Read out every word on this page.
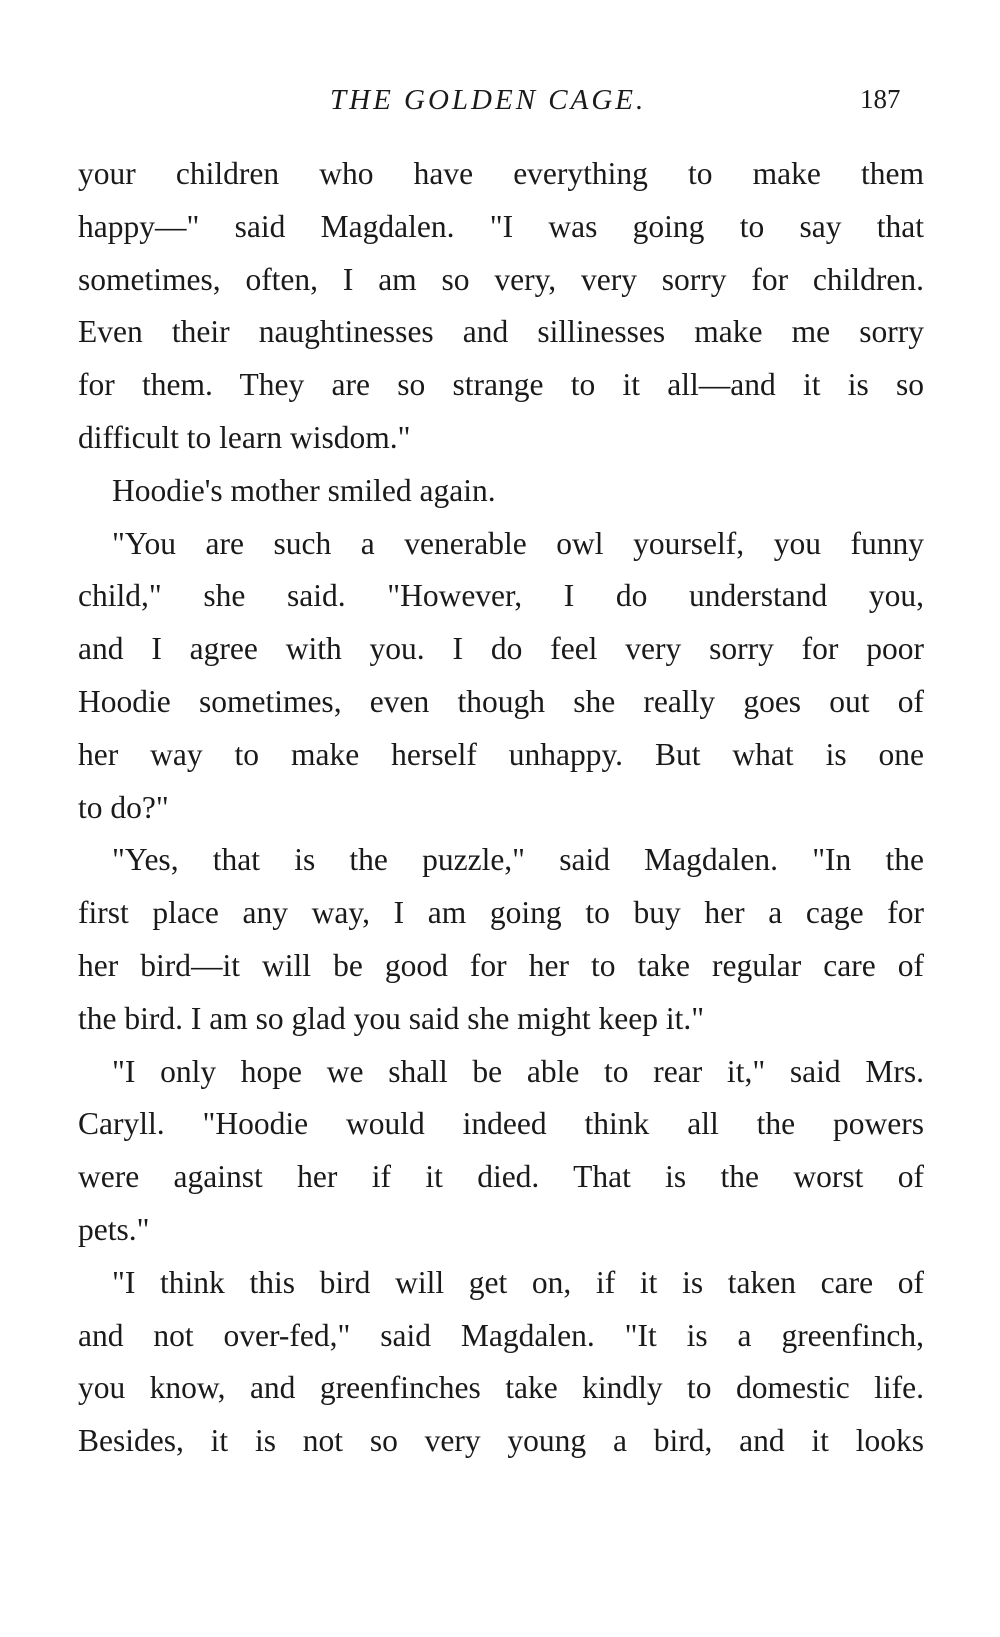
THE GOLDEN CAGE.	187
your children who have everything to make them
happy—" said Magdalen. "I was going to say that
sometimes, often, I am so very, very sorry for children.
Even their naughtinesses and sillinesses make me sorry
for them. They are so strange to it all—and it is so
difficult to learn wisdom."
Hoodie's mother smiled again.
"You are such a venerable owl yourself, you funny
child," she said. "However, I do understand you,
and I agree with you. I do feel very sorry for poor
Hoodie sometimes, even though she really goes out of
her way to make herself unhappy. But what is one
to do?"
"Yes, that is the puzzle," said Magdalen. "In the
first place any way, I am going to buy her a cage for
her bird—it will be good for her to take regular care of
the bird. I am so glad you said she might keep it."
"I only hope we shall be able to rear it," said Mrs.
Caryll. "Hoodie would indeed think all the powers
were against her if it died. That is the worst of
pets."
"I think this bird will get on, if it is taken care of
and not over-fed," said Magdalen. "It is a greenfinch,
you know, and greenfinches take kindly to domestic life.
Besides, it is not so very young a bird, and it looks
